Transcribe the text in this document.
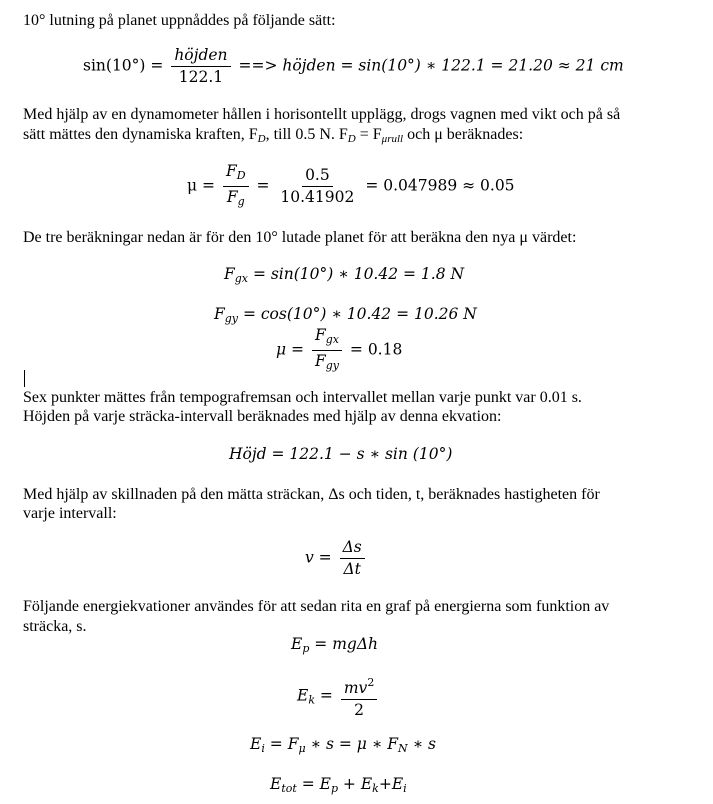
10° lutning på planet uppnåddes på följande sätt:
$\sin(10^\circ) = \frac{\text{höjden}}{122.1}$ ==> höjden = sin(10°) ∗ 122.1 = 21.20 ≈ 21 cm
Med hjälp av en dynamometer hållen i horisontellt upplägg, drogs vagnen med vikt och på så
sätt mättes den dynamiska kraften, $F_D$, till 0.5 N. $F_D = F_{\mu rull}$ och μ beräknades:
$\mu = \frac{F_D}{F_g} = \frac{0.5}{10.41902} = 0.047989 \approx 0.05$
De tre beräkningar nedan är för den 10° lutade planet för att beräkna den nya μ värdet:
$F_{gx} = \sin(10^\circ)$ ∗ 10.42 = 1.8 N
$F_{gy} = \cos(10^\circ)$ ∗ 10.42 = 10.26 N
$\mu = \frac{F_{gx}}{F_{gy}} = 0.18$
Sex punkter mättes från tempografremsan och intervallet mellan varje punkt var 0.01 s.
Höjden på varje sträcka-intervall beräknades med hjälp av denna ekvation:
Höjd = 122.1 − s ∗ sin (10°)
Med hjälp av skillnaden på den mätta sträckan, Δs och tiden, t, beräknades hastigheten för
varje intervall:
$v = \frac{\Delta s}{\Delta t}$
Följande energiekvationer användes för att sedan rita en graf på energierna som funktion av
sträcka, s.
$E_p = mg\Delta h$
$E_k = \frac{mv^2}{2}$
$E_i = F_\mu$ ∗ s = μ ∗ $F_N$ ∗ s
$E_{tot} = E_p + E_k+E_i$
